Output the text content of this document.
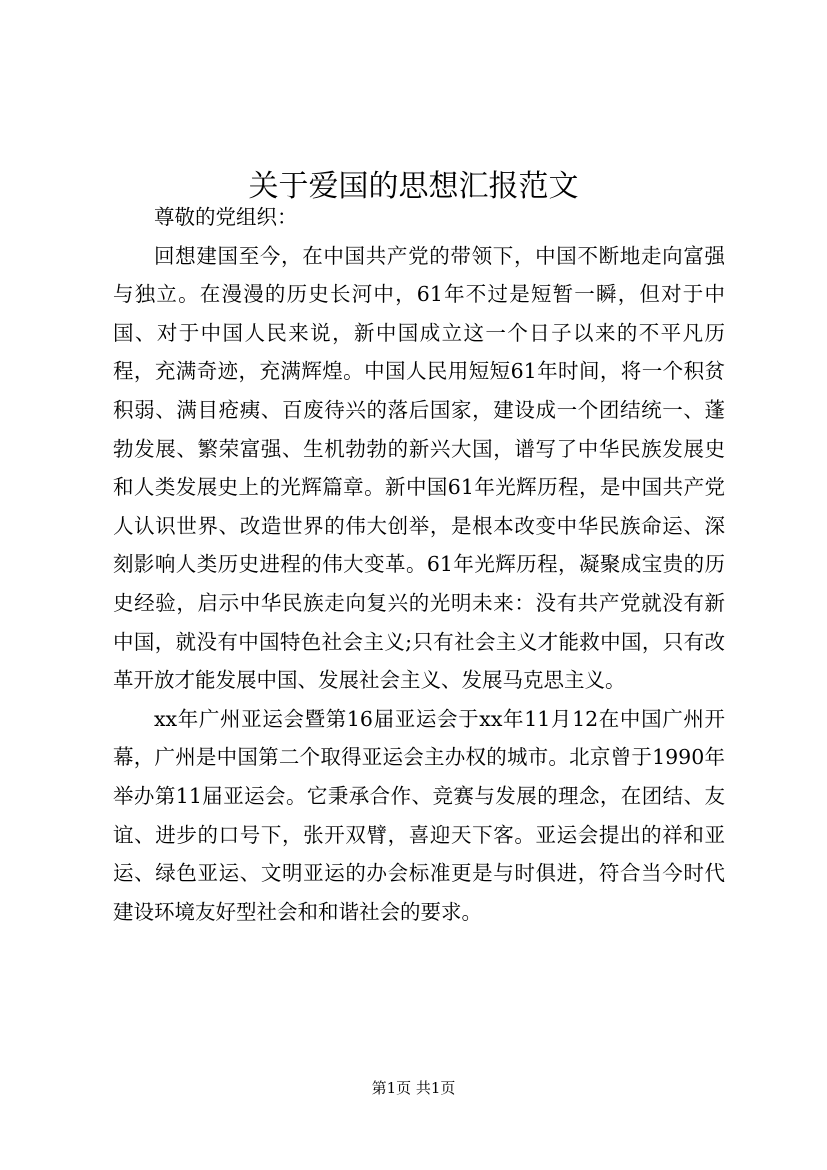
关于爱国的思想汇报范文

尊敬的党组织：

回想建国至今，在中国共产党的带领下，中国不断地走向富强与独立。在漫漫的历史长河中，61年不过是短暂一瞬，但对于中国、对于中国人民来说，新中国成立这一个日子以来的不平凡历程，充满奇迹，充满辉煌。中国人民用短短61年时间，将一个积贫积弱、满目疮痍、百废待兴的落后国家，建设成一个团结统一、蓬勃发展、繁荣富强、生机勃勃的新兴大国，谱写了中华民族发展史和人类发展史上的光辉篇章。新中国61年光辉历程，是中国共产党人认识世界、改造世界的伟大创举，是根本改变中华民族命运、深刻影响人类历史进程的伟大变革。61年光辉历程，凝聚成宝贵的历史经验，启示中华民族走向复兴的光明未来：没有共产党就没有新中国，就没有中国特色社会主义;只有社会主义才能救中国，只有改革开放才能发展中国、发展社会主义、发展马克思主义。

xx年广州亚运会暨第16届亚运会于xx年11月12在中国广州开幕，广州是中国第二个取得亚运会主办权的城市。北京曾于1990年举办第11届亚运会。它秉承合作、竞赛与发展的理念，在团结、友谊、进步的口号下，张开双臂，喜迎天下客。亚运会提出的祥和亚运、绿色亚运、文明亚运的办会标准更是与时俱进，符合当今时代建设环境友好型社会和和谐社会的要求。

第1页 共1页
